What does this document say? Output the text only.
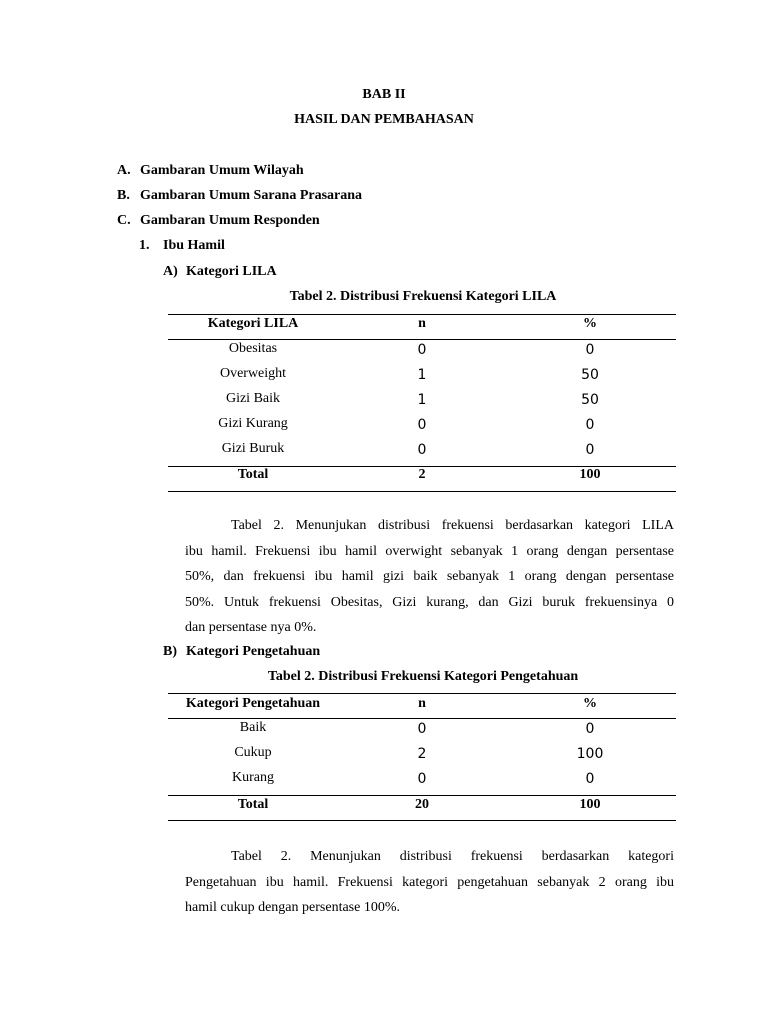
BAB II
HASIL DAN PEMBAHASAN
A. Gambaran Umum Wilayah
B. Gambaran Umum Sarana Prasarana
C. Gambaran Umum Responden
1. Ibu Hamil
A) Kategori LILA
Tabel 2. Distribusi Frekuensi Kategori LILA
Kategori LILA	n	%
Obesitas	0	0
Overweight	1	50
Gizi Baik	1	50
Gizi Kurang	0	0
Gizi Buruk	0	0
Total	2	100
Tabel 2. Menunjukan distribusi frekuensi berdasarkan kategori LILA
ibu hamil. Frekuensi ibu hamil overwight sebanyak 1 orang dengan persentase
50%, dan frekuensi ibu hamil gizi baik sebanyak 1 orang dengan persentase
50%. Untuk frekuensi Obesitas, Gizi kurang, dan Gizi buruk frekuensinya 0
dan persentase nya 0%.
B) Kategori Pengetahuan
Tabel 2. Distribusi Frekuensi Kategori Pengetahuan
Kategori Pengetahuan	n	%
Baik	0	0
Cukup	2	100
Kurang	0	0
Total	20	100
Tabel 2. Menunjukan distribusi frekuensi berdasarkan kategori
Pengetahuan ibu hamil. Frekuensi kategori pengetahuan sebanyak 2 orang ibu
hamil cukup dengan persentase 100%.
